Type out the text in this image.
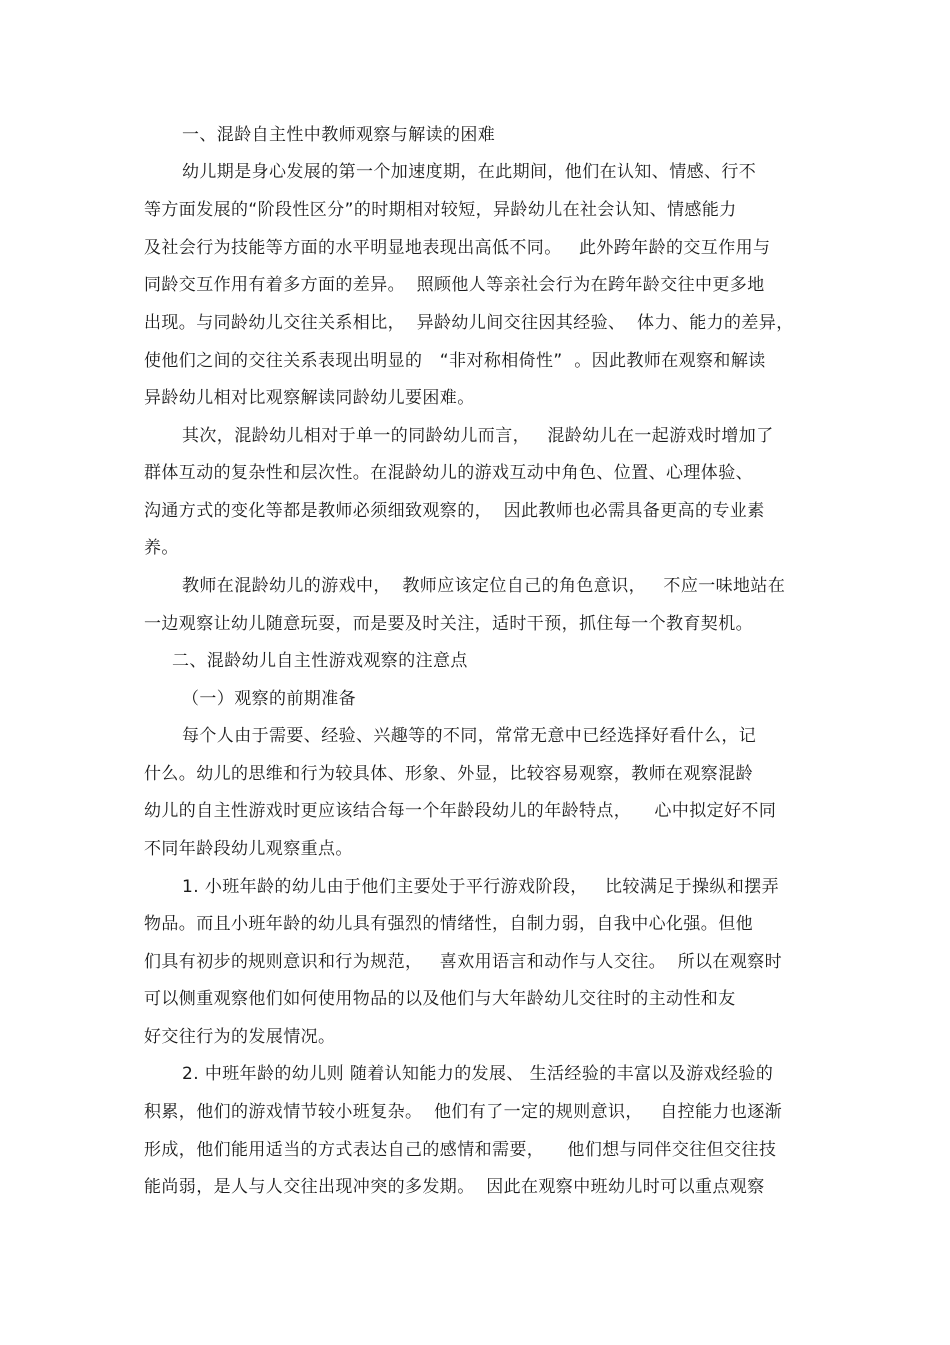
一、混龄自主性中教师观察与解读的困难
幼儿期是身心发展的第一个加速度期，在此期间，他们在认知、情感、行不
等方面发展的“阶段性区分”的时期相对较短，异龄幼儿在社会认知、情感能力
及社会行为技能等方面的水平明显地表现出高低不同。   此外跨年龄的交互作用与
同龄交互作用有着多方面的差异。  照顾他人等亲社会行为在跨年龄交往中更多地
出现。与同龄幼儿交往关系相比，  异龄幼儿间交往因其经验、  体力、能力的差异，
使他们之间的交往关系表现出明显的   “非对称相倚性”  。因此教师在观察和解读
异龄幼儿相对比观察解读同龄幼儿要困难。
其次，混龄幼儿相对于单一的同龄幼儿而言，   混龄幼儿在一起游戏时增加了
群体互动的复杂性和层次性。在混龄幼儿的游戏互动中角色、位置、心理体验、
沟通方式的变化等都是教师必须细致观察的，  因此教师也必需具备更高的专业素
养。
教师在混龄幼儿的游戏中，  教师应该定位自己的角色意识，   不应一味地站在
一边观察让幼儿随意玩耍，而是要及时关注，适时干预，抓住每一个教育契机。
二、混龄幼儿自主性游戏观察的注意点
（一）观察的前期准备
每个人由于需要、经验、兴趣等的不同，常常无意中已经选择好看什么，记
什么。幼儿的思维和行为较具体、形象、外显，比较容易观察，教师在观察混龄
幼儿的自主性游戏时更应该结合每一个年龄段幼儿的年龄特点，    心中拟定好不同
不同年龄段幼儿观察重点。
1. 小班年龄的幼儿由于他们主要处于平行游戏阶段，   比较满足于操纵和摆弄
物品。而且小班年龄的幼儿具有强烈的情绪性，自制力弱，自我中心化强。但他
们具有初步的规则意识和行为规范，   喜欢用语言和动作与人交往。  所以在观察时
可以侧重观察他们如何使用物品的以及他们与大年龄幼儿交往时的主动性和友
好交往行为的发展情况。
2. 中班年龄的幼儿则 随着认知能力的发展、 生活经验的丰富以及游戏经验的
积累，他们的游戏情节较小班复杂。  他们有了一定的规则意识，   自控能力也逐渐
形成，他们能用适当的方式表达自己的感情和需要，    他们想与同伴交往但交往技
能尚弱，是人与人交往出现冲突的多发期。  因此在观察中班幼儿时可以重点观察
